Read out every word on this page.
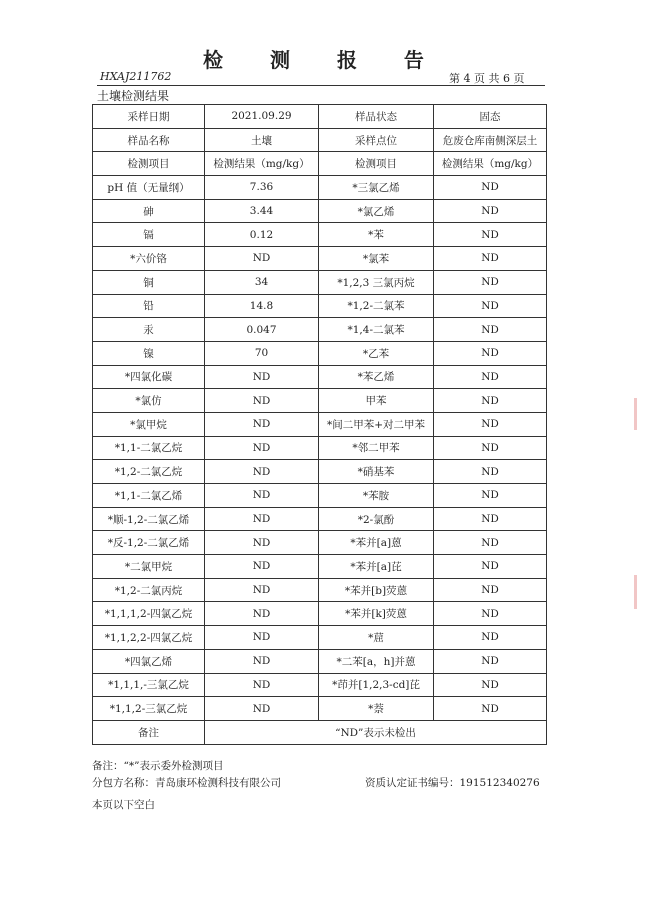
检 测 报 告
HXAJ211762	第 4 页 共 6 页
土壤检测结果
采样日期	2021.09.29	样品状态	固态
样品名称	土壤	采样点位	危废仓库南侧深层土
检测项目	检测结果（mg/kg）	检测项目	检测结果（mg/kg）
pH 值（无量纲）	7.36	*三氯乙烯	ND
砷	3.44	*氯乙烯	ND
镉	0.12	*苯	ND
*六价铬	ND	*氯苯	ND
铜	34	*1,2,3 三氯丙烷	ND
铅	14.8	*1,2-二氯苯	ND
汞	0.047	*1,4-二氯苯	ND
镍	70	*乙苯	ND
*四氯化碳	ND	*苯乙烯	ND
*氯仿	ND	甲苯	ND
*氯甲烷	ND	*间二甲苯+对二甲苯	ND
*1,1-二氯乙烷	ND	*邻二甲苯	ND
*1,2-二氯乙烷	ND	*硝基苯	ND
*1,1-二氯乙烯	ND	*苯胺	ND
*顺-1,2-二氯乙烯	ND	*2-氯酚	ND
*反-1,2-二氯乙烯	ND	*苯并[a]蒽	ND
*二氯甲烷	ND	*苯并[a]芘	ND
*1,2-二氯丙烷	ND	*苯并[b]荧蒽	ND
*1,1,1,2-四氯乙烷	ND	*苯并[k]荧蒽	ND
*1,1,2,2-四氯乙烷	ND	*䓛	ND
*四氯乙烯	ND	*二苯[a，h]并蒽	ND
*1,1,1,-三氯乙烷	ND	*茚并[1,2,3-cd]芘	ND
*1,1,2-三氯乙烷	ND	*萘	ND
备注	“ND”表示未检出		
备注：“*”表示委外检测项目
分包方名称：青岛康环检测科技有限公司	资质认定证书编号：191512340276
本页以下空白
